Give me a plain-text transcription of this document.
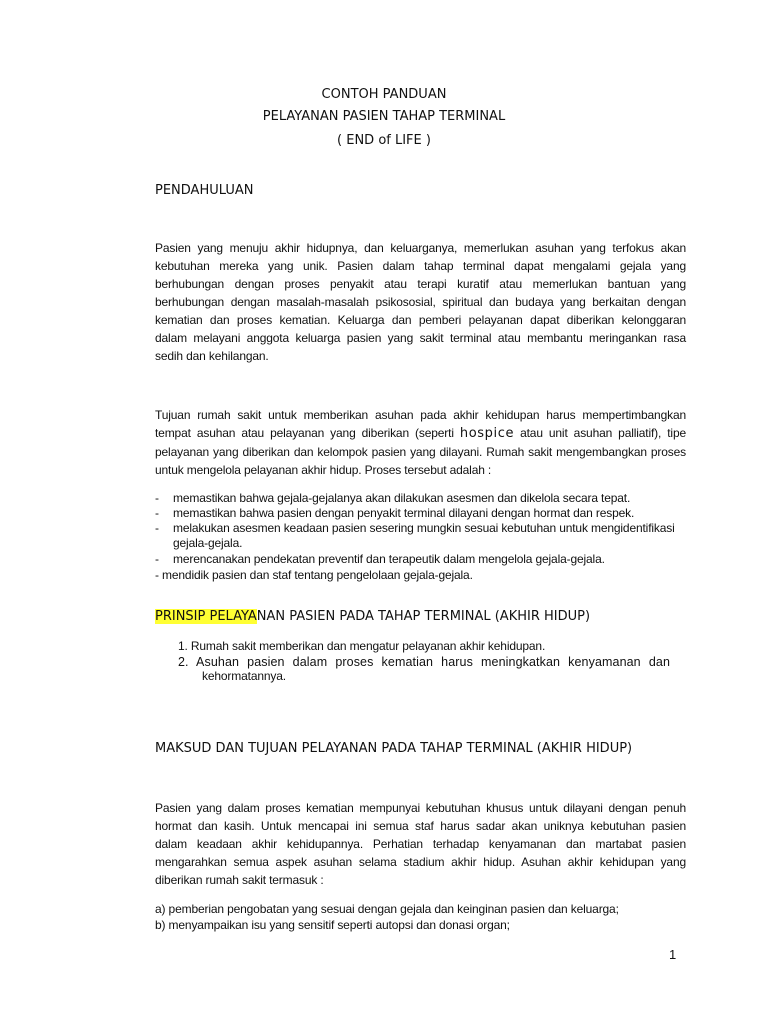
CONTOH PANDUAN
PELAYANAN PASIEN TAHAP TERMINAL
( END of LIFE )
PENDAHULUAN
Pasien yang menuju akhir hidupnya, dan keluarganya, memerlukan asuhan yang terfokus akan
kebutuhan mereka yang unik. Pasien dalam tahap terminal dapat mengalami gejala yang
berhubungan dengan proses penyakit atau terapi kuratif atau memerlukan bantuan yang
berhubungan dengan masalah-masalah psikososial, spiritual dan budaya yang berkaitan dengan
kematian dan proses kematian. Keluarga dan pemberi pelayanan dapat diberikan kelonggaran
dalam melayani anggota keluarga pasien yang sakit terminal atau membantu meringankan rasa
sedih dan kehilangan.
Tujuan rumah sakit untuk memberikan asuhan pada akhir kehidupan harus mempertimbangkan
tempat asuhan atau pelayanan yang diberikan (seperti hospice atau unit asuhan palliatif), tipe
pelayanan yang diberikan dan kelompok pasien yang dilayani. Rumah sakit mengembangkan proses
untuk mengelola pelayanan akhir hidup. Proses tersebut adalah :
- memastikan bahwa gejala-gejalanya akan dilakukan asesmen dan dikelola secara tepat.
- memastikan bahwa pasien dengan penyakit terminal dilayani dengan hormat dan respek.
- melakukan asesmen keadaan pasien sesering mungkin sesuai kebutuhan untuk mengidentifikasi
gejala-gejala.
- merencanakan pendekatan preventif dan terapeutik dalam mengelola gejala-gejala.
- mendidik pasien dan staf tentang pengelolaan gejala-gejala.
PRINSIP PELAYANAN PASIEN PADA TAHAP TERMINAL (AKHIR HIDUP)
1. Rumah sakit memberikan dan mengatur pelayanan akhir kehidupan.
2. Asuhan pasien dalam proses kematian harus meningkatkan kenyamanan dan
kehormatannya.
MAKSUD DAN TUJUAN PELAYANAN PADA TAHAP TERMINAL (AKHIR HIDUP)
Pasien yang dalam proses kematian mempunyai kebutuhan khusus untuk dilayani dengan penuh
hormat dan kasih. Untuk mencapai ini semua staf harus sadar akan uniknya kebutuhan pasien
dalam keadaan akhir kehidupannya. Perhatian terhadap kenyamanan dan martabat pasien
mengarahkan semua aspek asuhan selama stadium akhir hidup. Asuhan akhir kehidupan yang
diberikan rumah sakit termasuk :
a) pemberian pengobatan yang sesuai dengan gejala dan keinginan pasien dan keluarga;
b) menyampaikan isu yang sensitif seperti autopsi dan donasi organ;
1
